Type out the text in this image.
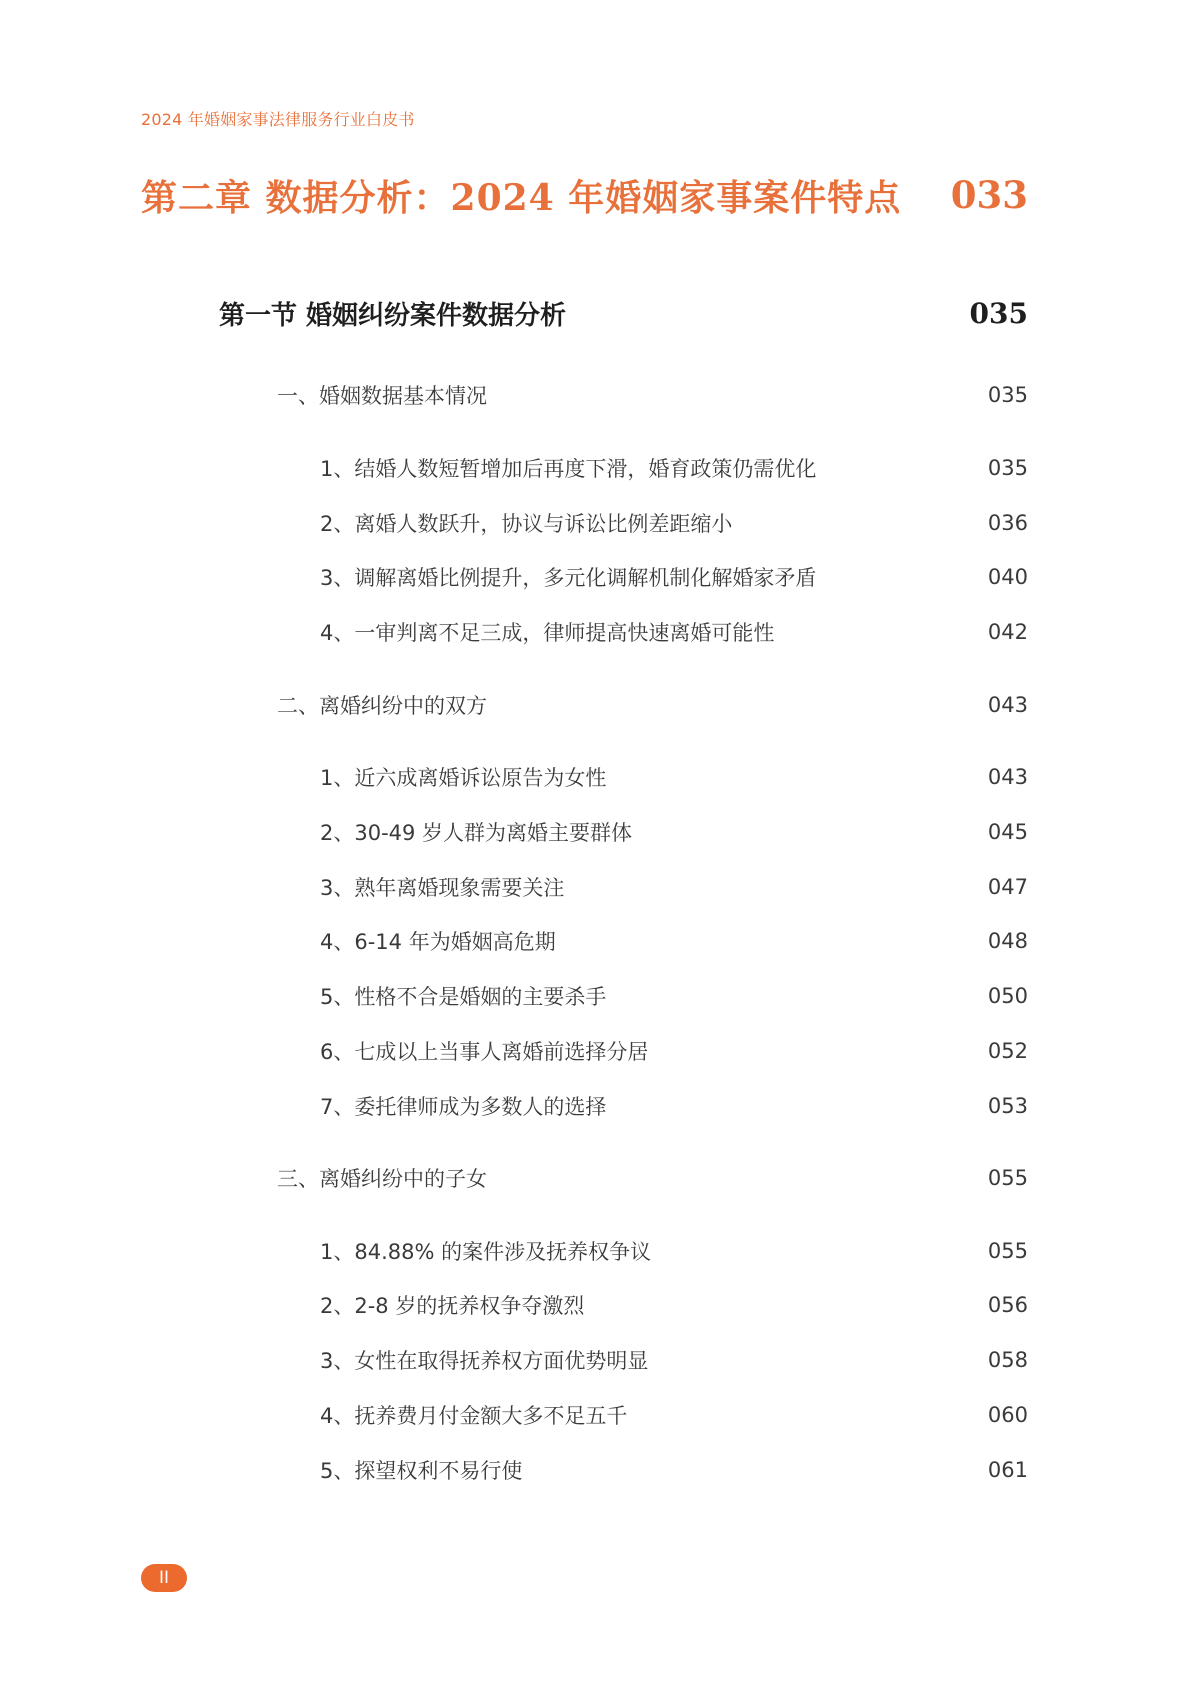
2024 年婚姻家事法律服务行业白皮书
第二章 数据分析：2024 年婚姻家事案件特点 033
第一节 婚姻纠纷案件数据分析	035
一、婚姻数据基本情况	035
1、结婚人数短暂增加后再度下滑，婚育政策仍需优化	035
2、离婚人数跃升，协议与诉讼比例差距缩小	036
3、调解离婚比例提升，多元化调解机制化解婚家矛盾	040
4、一审判离不足三成，律师提高快速离婚可能性	042
二、离婚纠纷中的双方	043
1、近六成离婚诉讼原告为女性	043
2、30-49 岁人群为离婚主要群体	045
3、熟年离婚现象需要关注	047
4、6-14 年为婚姻高危期	048
5、性格不合是婚姻的主要杀手	050
6、七成以上当事人离婚前选择分居	052
7、委托律师成为多数人的选择	053
三、离婚纠纷中的子女	055
1、84.88% 的案件涉及抚养权争议	055
2、2-8 岁的抚养权争夺激烈	056
3、女性在取得抚养权方面优势明显	058
4、抚养费月付金额大多不足五千	060
5、探望权利不易行使	061
II
